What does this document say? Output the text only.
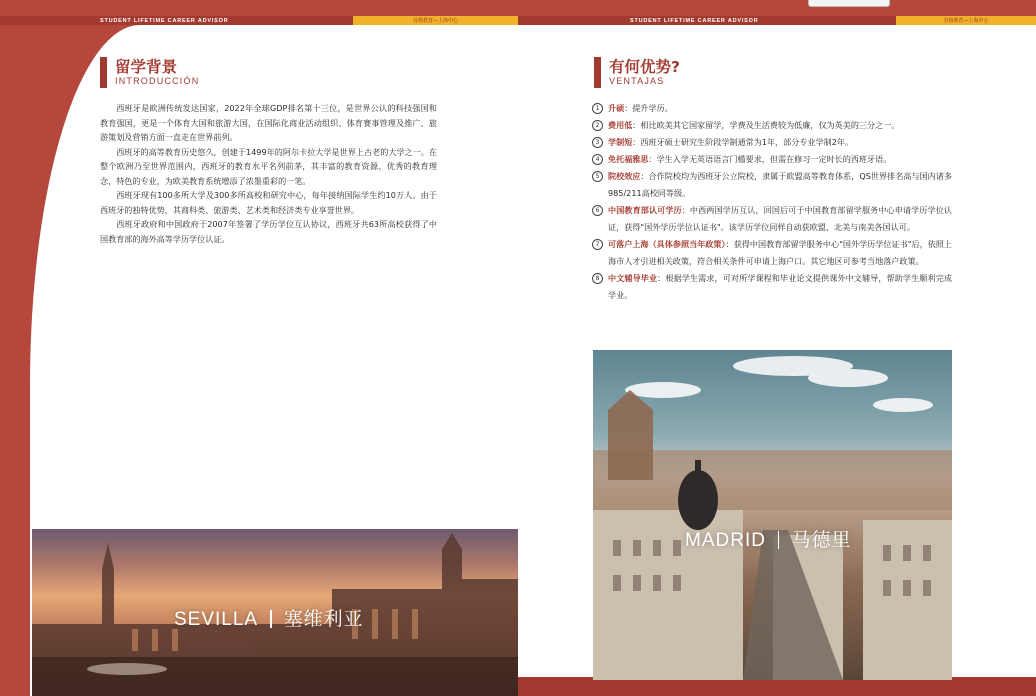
STUDENT LIFETIME CAREER ADVISOR	苏格教育—上海中心
留学背景
INTRODUCCIÓN

西班牙是欧洲传统发达国家，2022年全球GDP排名第十三位，是世界公认的科技强国和教育强国，更是一个体育大国和旅游大国，在国际化商业活动组织、体育赛事管理及推广、旅游策划及营销方面一直走在世界前列。

西班牙的高等教育历史悠久，创建于1499年的阿尔卡拉大学是世界上古老的大学之一。在整个欧洲乃至世界范围内，西班牙的教育水平名列前茅，其丰富的教育资源、优秀的教育理念，特色的专业，为欧美教育系统增添了浓墨重彩的一笔。

西班牙现有100多所大学及300多所高校和研究中心，每年接纳国际学生约10万人。由于西班牙的独特优势，其商科类、旅游类、艺术类和经济类专业享誉世界。

西班牙政府和中国政府于2007年签署了学历学位互认协议，西班牙共63所高校获得了中国教育部的海外高等学历学位认证。

SEVILLA 塞维利亚
STUDENT LIFETIME CAREER ADVISOR	苏格教育—上海中心
有何优势?
VENTAJAS
1	升硕：提升学历。
2	费用低：相比欧美其它国家留学，学费及生活费较为低廉，仅为英美的三分之一。
3	学制短：西班牙硕士研究生阶段学制通常为1年，部分专业学制2年。
4	免托福雅思：学生入学无英语语言门槛要求，但需在修习一定时长的西班牙语。
5	院校效应：合作院校均为西班牙公立院校，隶属于欧盟高等教育体系，QS世界排名高与国内诸多985/211高校同等级。
6	中国教育部认可学历：中西两国学历互认，回国后可于中国教育部留学服务中心申请学历学位认证，获得"国外学历学位认证书"。该学历学位同样自动获欧盟、北美与南美各国认可。
7	可落户上海（具体参照当年政策）：获得中国教育部留学服务中心"国外学历学位证书"后，依照上海市人才引进相关政策，符合相关条件可申请上海户口。其它地区可参考当地落户政策。
8	中文辅导毕业：根据学生需求，可对所学课程和毕业论文提供课外中文辅导，帮助学生顺利完成学业。
MADRID 马德里
